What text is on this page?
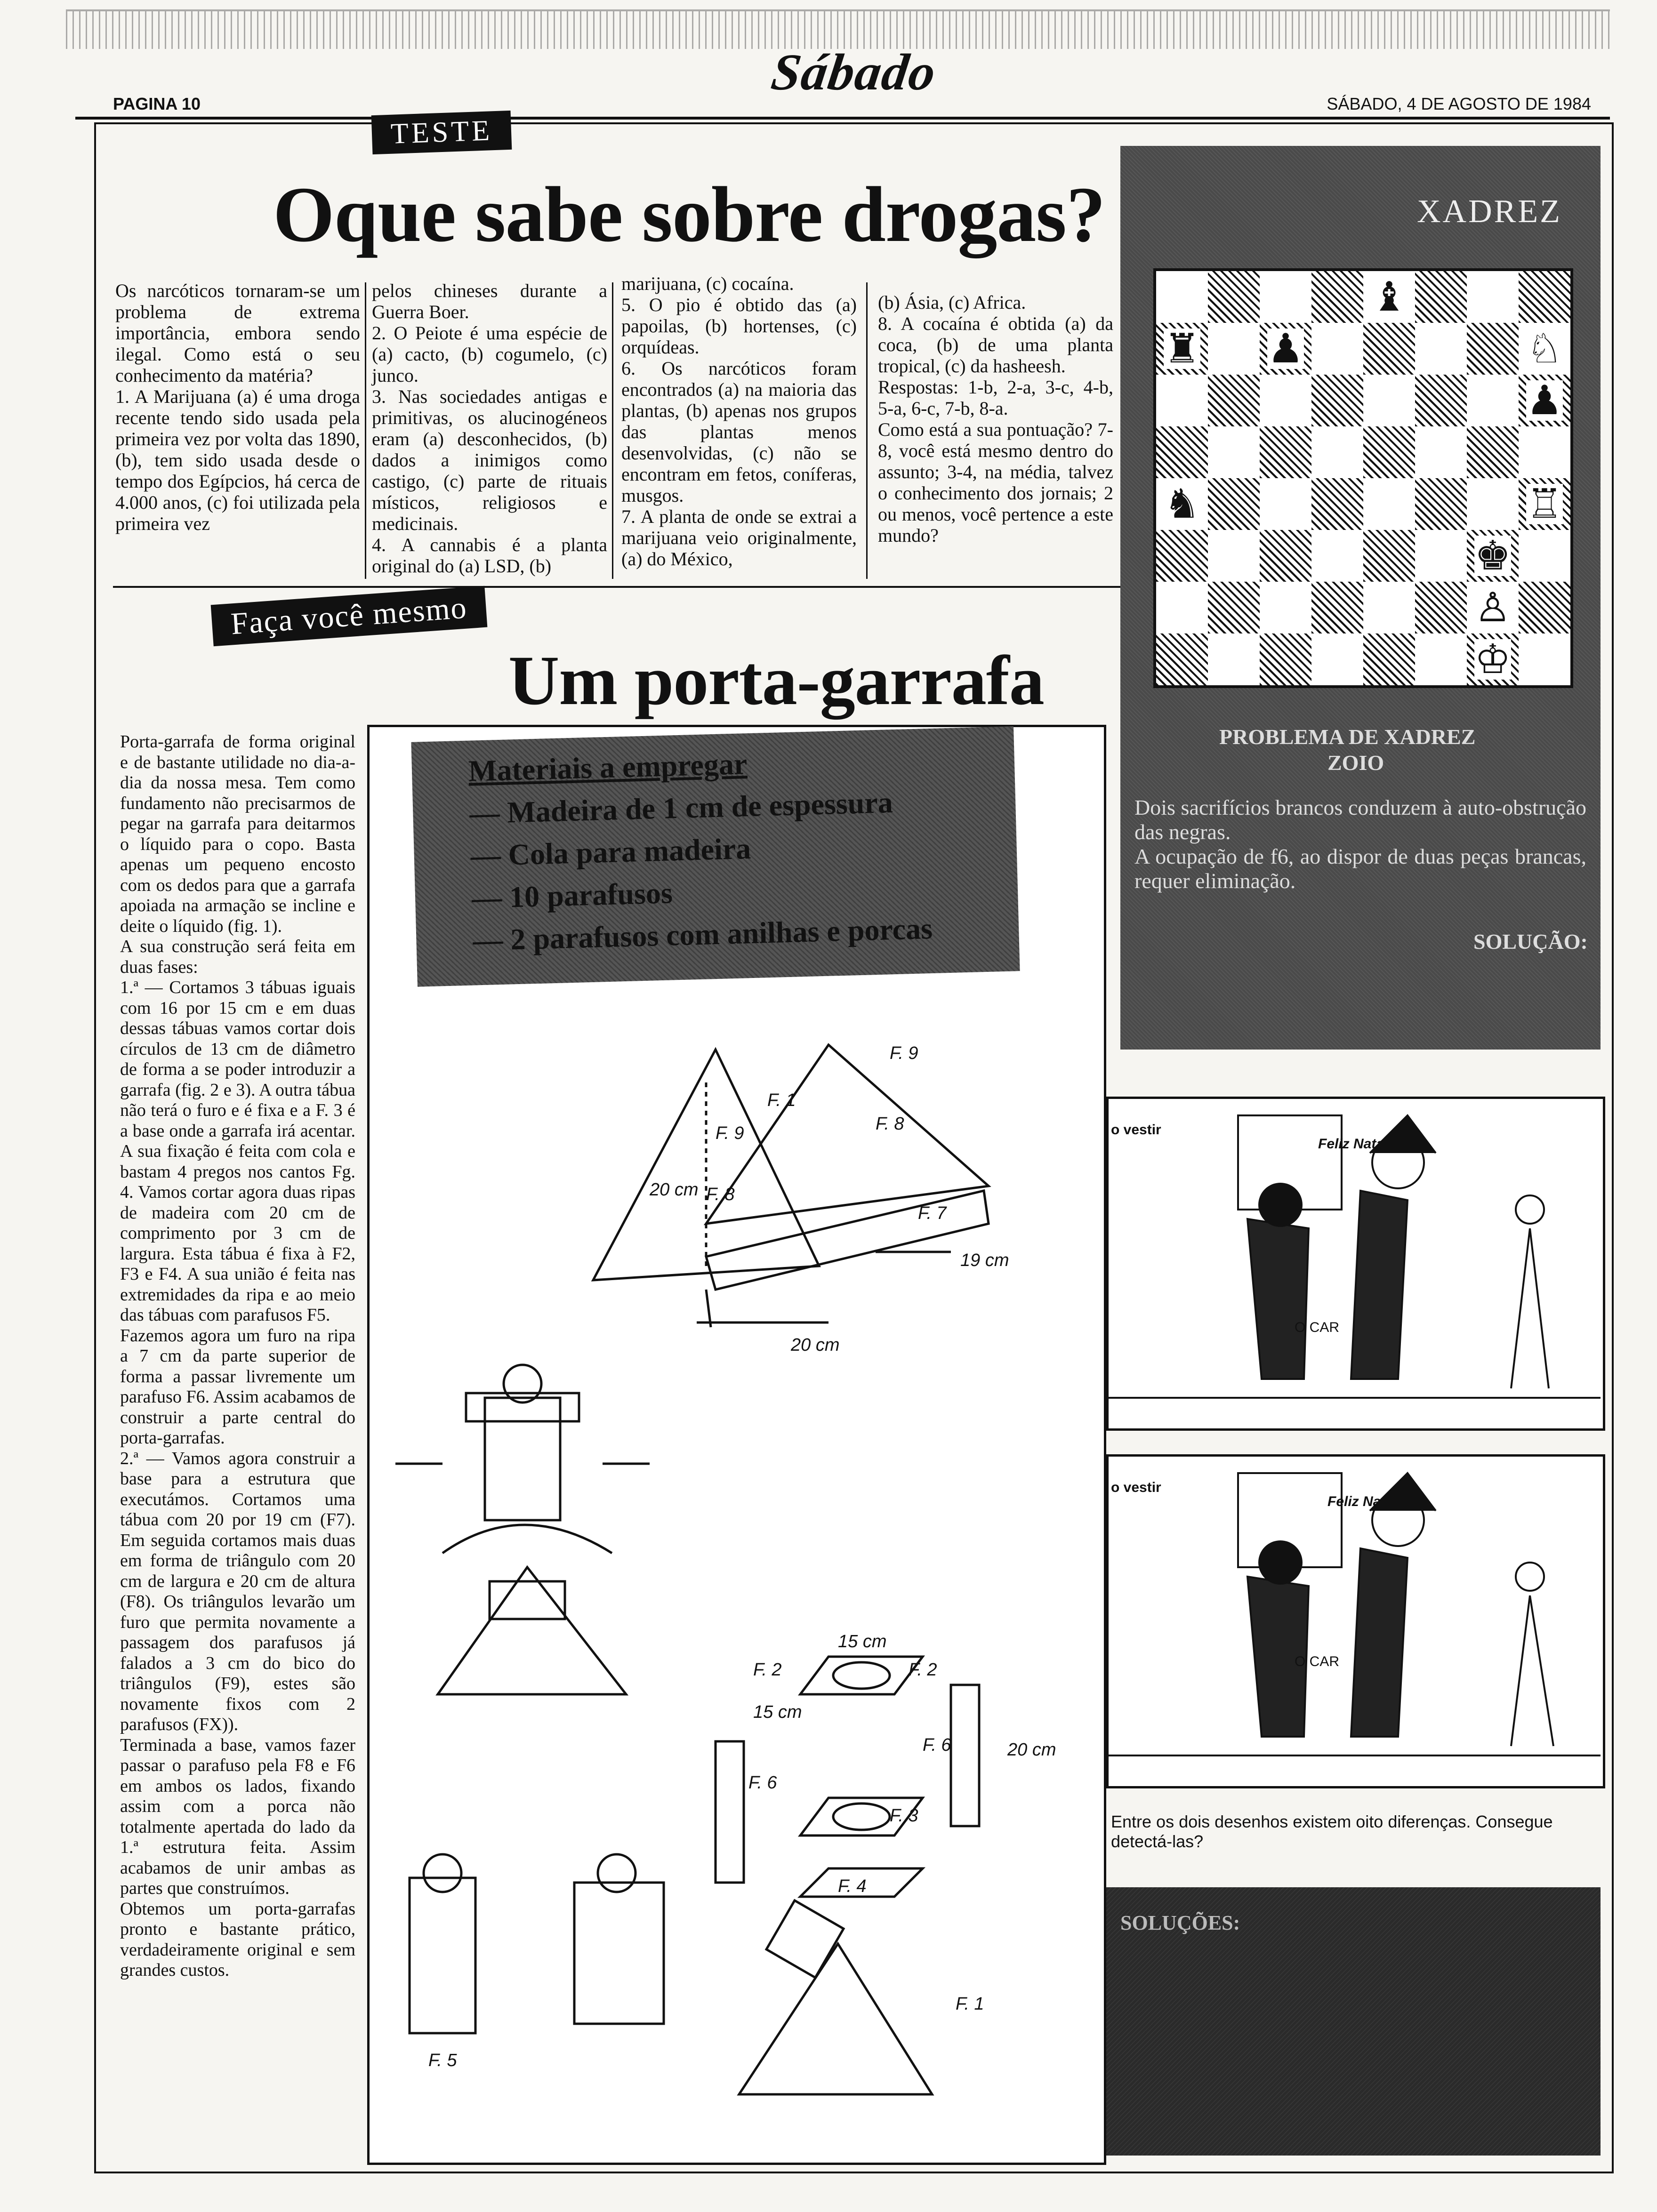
Sábado
PAGINA 10	SÁBADO, 4 DE AGOSTO DE 1984
TESTE
Oque sabe sobre drogas?
Os narcóticos tornaram-se um problema de extrema importância, embora sendo ilegal. Como está o seu conhecimento da matéria?
1. A Marijuana (a) é uma droga recente tendo sido usada pela primeira vez por volta das 1890, (b), tem sido usada desde o tempo dos Egípcios, há cerca de 4.000 anos, (c) foi utilizada pela primeira vez
pelos chineses durante a Guerra Boer.
2. O Peiote é uma espécie de (a) cacto, (b) cogumelo, (c) junco.
3. Nas sociedades antigas e primitivas, os alucinogéneos eram (a) desconhecidos, (b) dados a inimigos como castigo, (c) parte de rituais místicos, religiosos e medicinais.
4. A cannabis é a planta original do (a) LSD, (b)
marijuana, (c) cocaína.
5. O pio é obtido das (a) papoilas, (b) hortenses, (c) orquídeas.
6. Os narcóticos foram encontrados (a) na maioria das plantas, (b) apenas nos grupos das plantas menos desenvolvidas, (c) não se encontram em fetos, coníferas, musgos.
7. A planta de onde se extrai a marijuana veio originalmente, (a) do México,
(b) Ásia, (c) Africa.
8. A cocaína é obtida (a) da coca, (b) de uma planta tropical, (c) da hasheesh.
Respostas: 1-b, 2-a, 3-c, 4-b, 5-a, 6-c, 7-b, 8-a.
Como está a sua pontuação? 7-8, você está mesmo dentro do assunto; 3-4, na média, talvez o conhecimento dos jornais; 2 ou menos, você pertence a este mundo?
Faça você mesmo
Um porta-garrafa
Porta-garrafa de forma original e de bastante utilidade no dia-a-dia da nossa mesa. Tem como fundamento não precisarmos de pegar na garrafa para deitarmos o líquido para o copo. Basta apenas um pequeno encosto com os dedos para que a garrafa apoiada na armação se incline e deite o líquido (fig. 1).
A sua construção será feita em duas fases:
1.ª — Cortamos 3 tábuas iguais com 16 por 15 cm e em duas dessas tábuas vamos cortar dois círculos de 13 cm de diâmetro de forma a se poder introduzir a garrafa (fig. 2 e 3). A outra tábua não terá o furo e é fixa e a F. 3 é a base onde a garrafa irá acentar. A sua fixação é feita com cola e bastam 4 pregos nos cantos Fg. 4. Vamos cortar agora duas ripas de madeira com 20 cm de comprimento por 3 cm de largura. Esta tábua é fixa à F2, F3 e F4. A sua união é feita nas extremidades da ripa e ao meio das tábuas com parafusos F5.
Fazemos agora um furo na ripa a 7 cm da parte superior de forma a passar livremente um parafuso F6. Assim acabamos de construir a parte central do porta-garrafas.
2.ª — Vamos agora construir a base para a estrutura que executámos. Cortamos uma tábua com 20 por 19 cm (F7). Em seguida cortamos mais duas em forma de triângulo com 20 cm de largura e 20 cm de altura (F8). Os triângulos levarão um furo que permita novamente a passagem dos parafusos já falados a 3 cm do bico do triângulos (F9), estes são novamente fixos com 2 parafusos (FX)).
Terminada a base, vamos fazer passar o parafuso pela F8 e F6 em ambos os lados, fixando assim com a porca não totalmente apertada do lado da 1.ª estrutura feita. Assim acabamos de unir ambas as partes que construímos.
Obtemos um porta-garrafas pronto e bastante prático, verdadeiramente original e sem grandes custos.
Materiais a empregar
— Madeira de 1 cm de espessura
— Cola para madeira
— 10 parafusos
— 2 parafusos com anilhas e porcas
F. 1
F. 8
F. 8
F. 9
F. 9
F. 7
20 cm
19 cm
20 cm
F. 2	F. 2
15 cm
15 cm
F. 6
F. 6	20 cm
F. 3
F. 4
F. 5
F. 1
XADREZ
♝
♜ ♟	♘
♟
♞	♖
♚
♙
♔
PROBLEMA DE XADREZ
ZOIO
Dois sacrifícios brancos conduzem à auto-obstrução das negras.
A ocupação de f6, ao dispor de duas peças brancas, requer eliminação.
SOLUÇÃO:
o vestir
Feliz Natal
O CAR
o vestir
Feliz Natal
O CAR
Entre os dois desenhos existem oito diferenças. Consegue detectá-las?
SOLUÇÕES:
